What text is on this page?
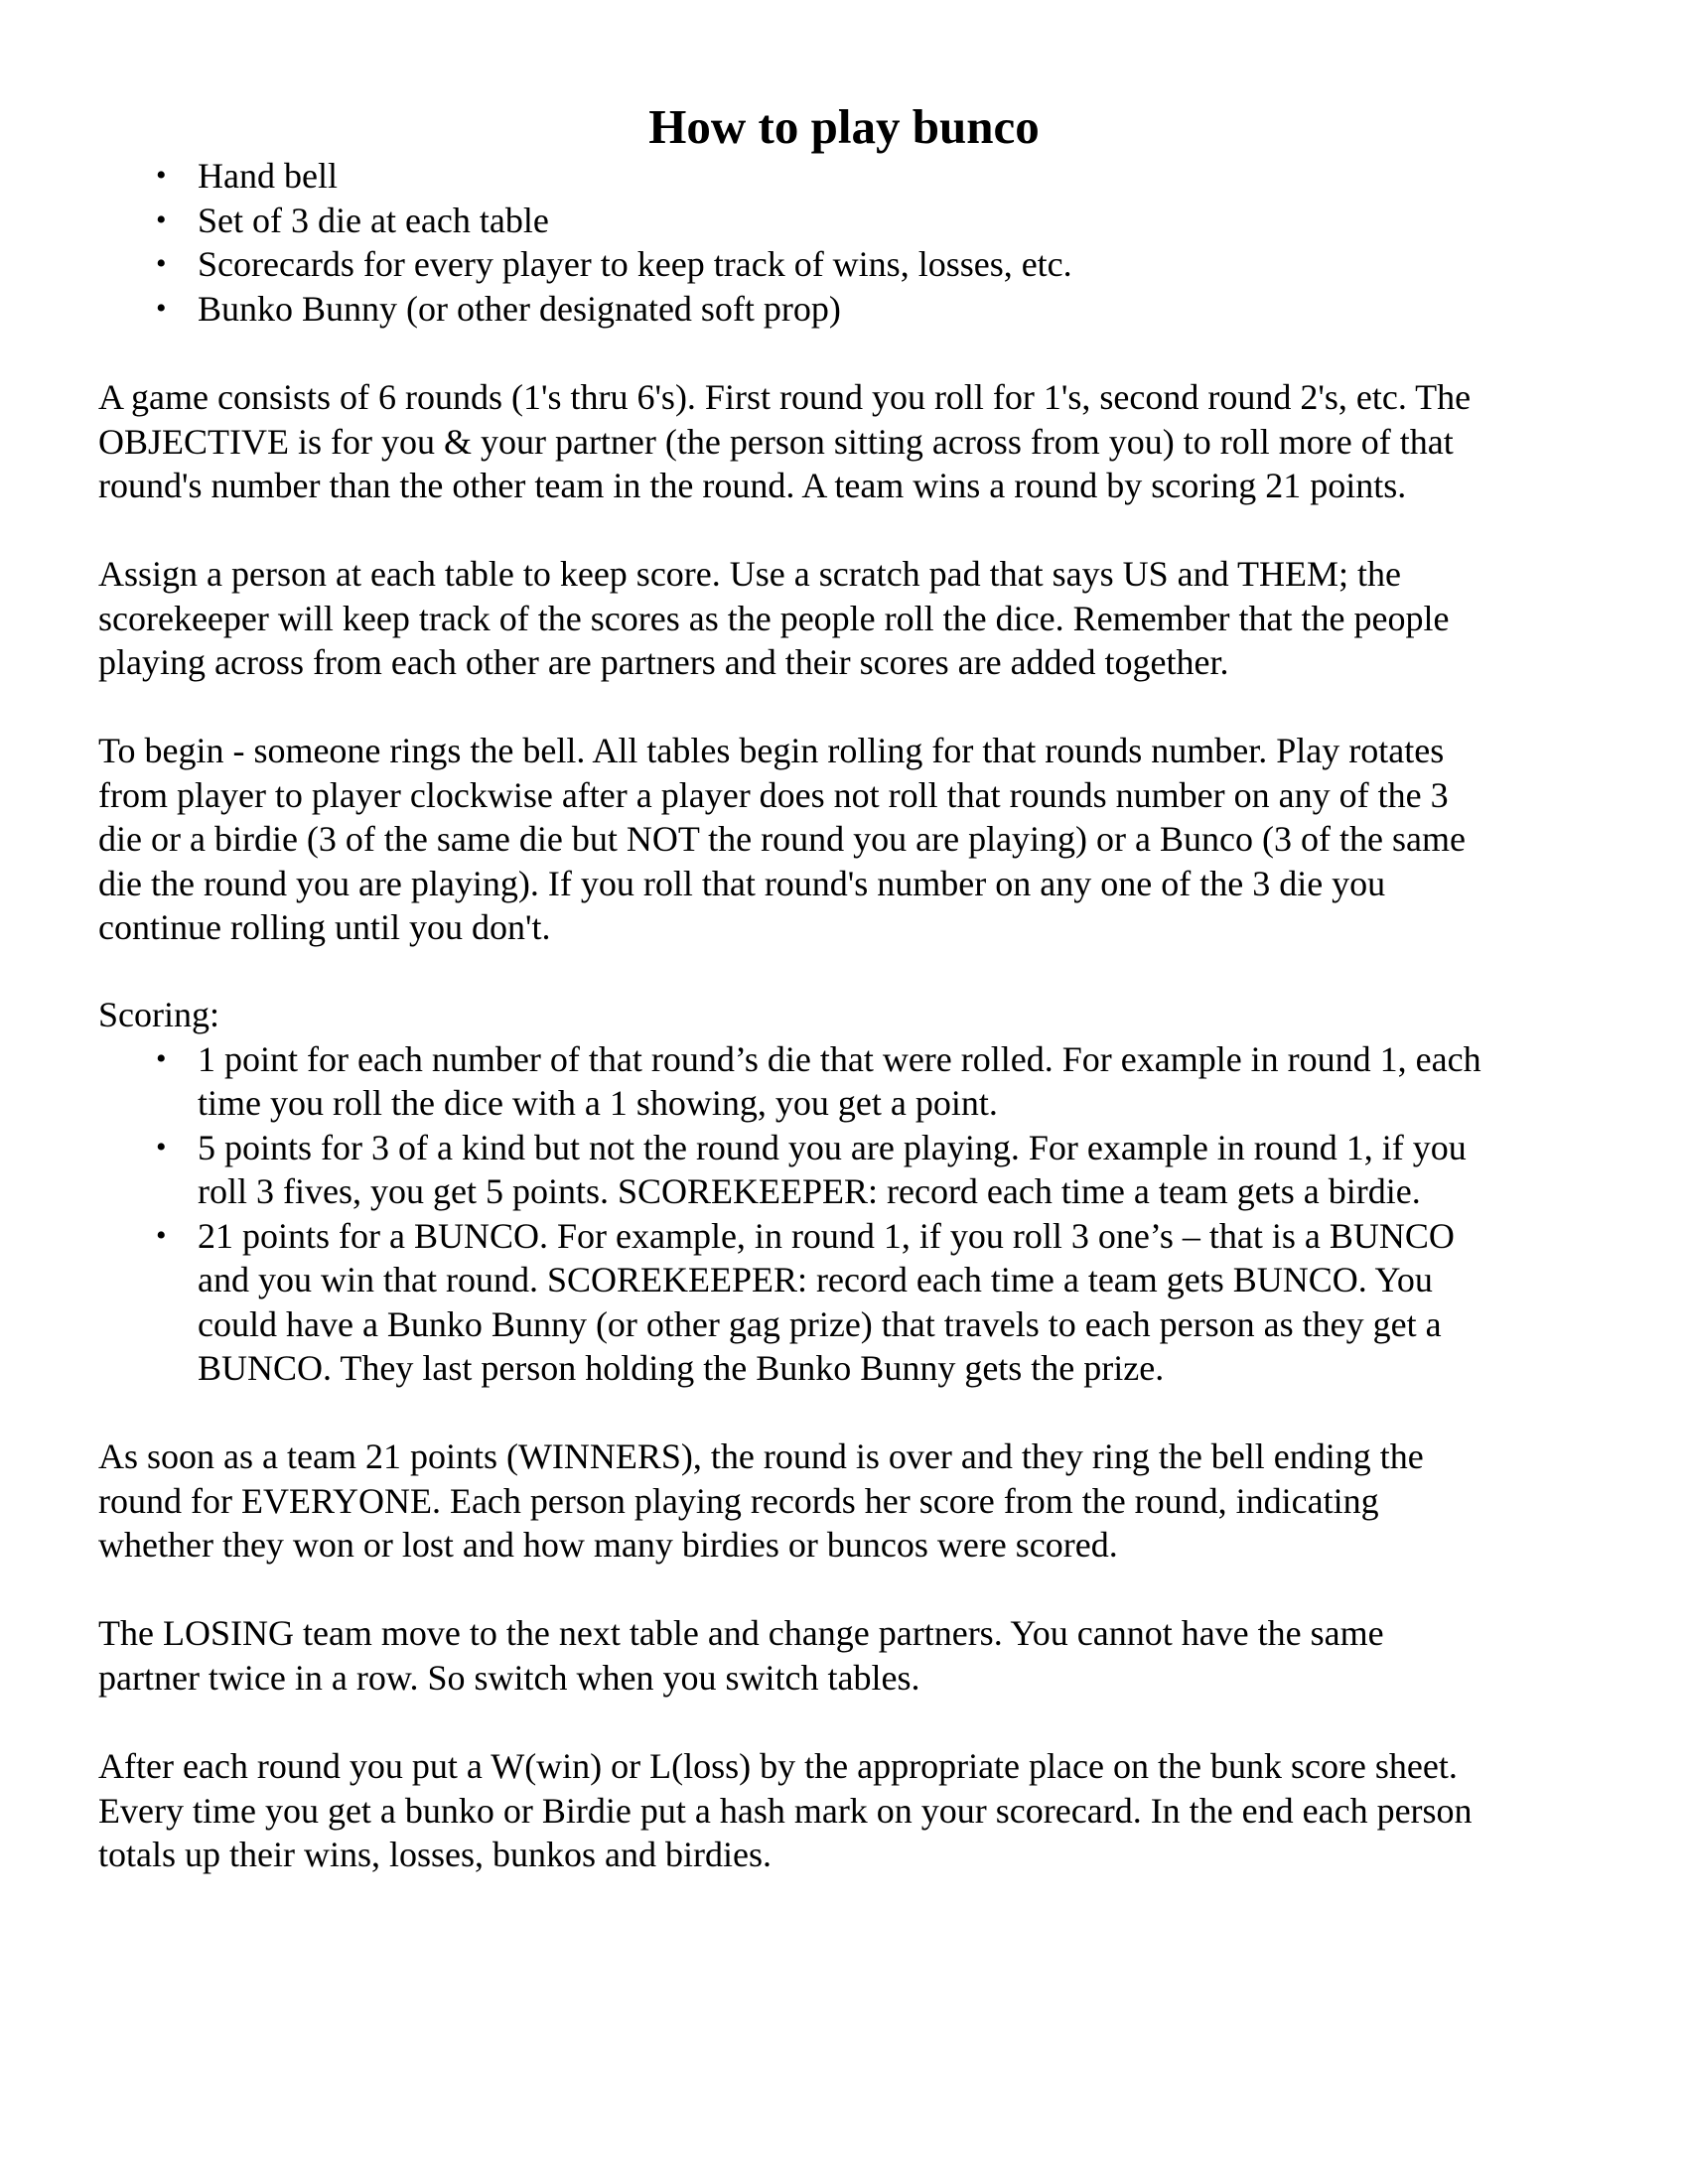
How to play bunco
• Hand bell
• Set of 3 die at each table
• Scorecards for every player to keep track of wins, losses, etc.
• Bunko Bunny (or other designated soft prop)
A game consists of 6 rounds (1's thru 6's). First round you roll for 1's, second round 2's, etc. The
OBJECTIVE is for you & your partner (the person sitting across from you) to roll more of that
round's number than the other team in the round. A team wins a round by scoring 21 points.
Assign a person at each table to keep score. Use a scratch pad that says US and THEM; the
scorekeeper will keep track of the scores as the people roll the dice. Remember that the people
playing across from each other are partners and their scores are added together.
To begin - someone rings the bell. All tables begin rolling for that rounds number. Play rotates
from player to player clockwise after a player does not roll that rounds number on any of the 3
die or a birdie (3 of the same die but NOT the round you are playing) or a Bunco (3 of the same
die the round you are playing). If you roll that round's number on any one of the 3 die you
continue rolling until you don't.
Scoring:
• 1 point for each number of that round’s die that were rolled. For example in round 1, each
time you roll the dice with a 1 showing, you get a point.
• 5 points for 3 of a kind but not the round you are playing. For example in round 1, if you
roll 3 fives, you get 5 points. SCOREKEEPER: record each time a team gets a birdie.
• 21 points for a BUNCO. For example, in round 1, if you roll 3 one’s – that is a BUNCO
and you win that round. SCOREKEEPER: record each time a team gets BUNCO. You
could have a Bunko Bunny (or other gag prize) that travels to each person as they get a
BUNCO. They last person holding the Bunko Bunny gets the prize.
As soon as a team 21 points (WINNERS), the round is over and they ring the bell ending the
round for EVERYONE. Each person playing records her score from the round, indicating
whether they won or lost and how many birdies or buncos were scored.
The LOSING team move to the next table and change partners. You cannot have the same
partner twice in a row. So switch when you switch tables.
After each round you put a W(win) or L(loss) by the appropriate place on the bunk score sheet.
Every time you get a bunko or Birdie put a hash mark on your scorecard. In the end each person
totals up their wins, losses, bunkos and birdies.
